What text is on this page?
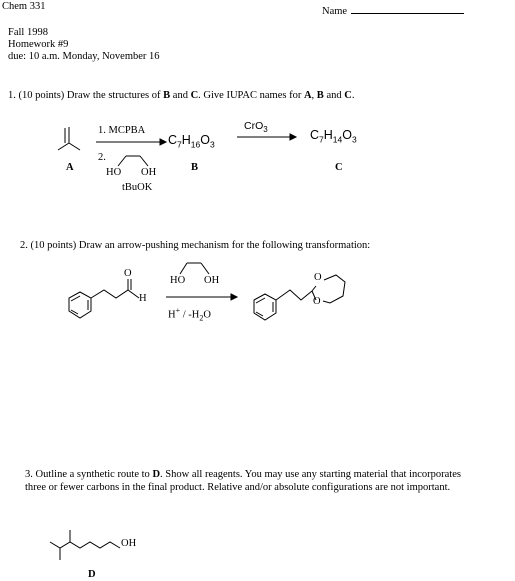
Chem 331	Name
Fall 1998
Homework #9
due: 10 a.m. Monday, November 16
1. (10 points) Draw the structures of B and C. Give IUPAC names for A, B and C.
1. MCPBA
2.
HO OH
tBuOK
A	B	C
$C_7H_{16}O_3$
$C_7H_{14}O_3$
CrO$_3$
2. (10 points) Draw an arrow-pushing mechanism for the following transformation:
O
H
HO OH
$H^+ / -H_2O$
O
O
3. Outline a synthetic route to D. Show all reagents. You may use any starting material that incorporates
three or fewer carbons in the final product. Relative and/or absolute configurations are not important.
OH
D
